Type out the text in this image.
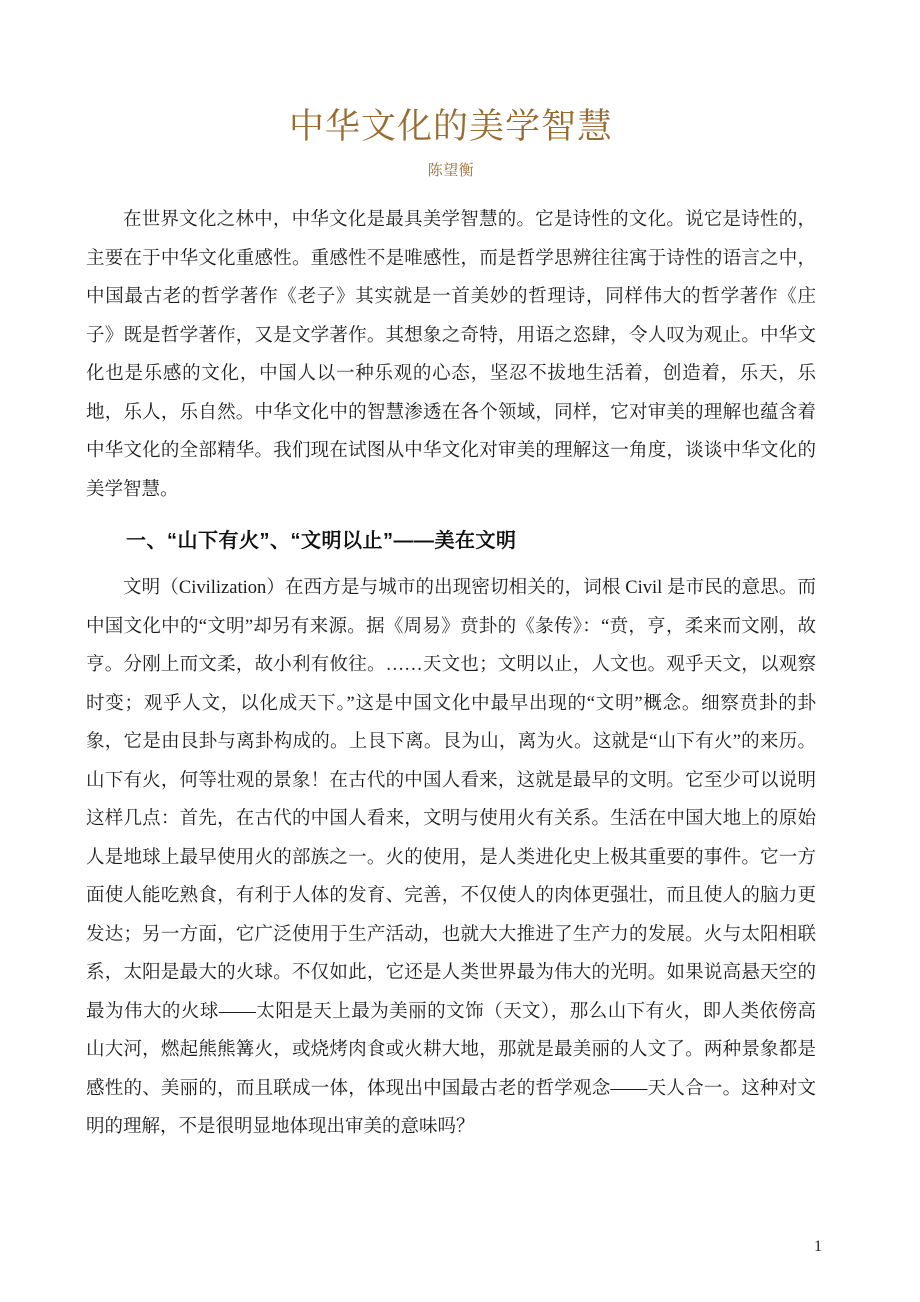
中华文化的美学智慧
陈望衡

在世界文化之林中，中华文化是最具美学智慧的。它是诗性的文化。说它是诗性的，主要在于中华文化重感性。重感性不是唯感性，而是哲学思辨往往寓于诗性的语言之中，中国最古老的哲学著作《老子》其实就是一首美妙的哲理诗，同样伟大的哲学著作《庄子》既是哲学著作，又是文学著作。其想象之奇特，用语之恣肆，令人叹为观止。中华文化也是乐感的文化，中国人以一种乐观的心态，坚忍不拔地生活着，创造着，乐天，乐地，乐人，乐自然。中华文化中的智慧渗透在各个领域，同样，它对审美的理解也蕴含着中华文化的全部精华。我们现在试图从中华文化对审美的理解这一角度，谈谈中华文化的美学智慧。

一、“山下有火”、“文明以止”——美在文明

文明（Civilization）在西方是与城市的出现密切相关的，词根 Civil 是市民的意思。而中国文化中的“文明”却另有来源。据《周易》贲卦的《彖传》：“贲，亨，柔来而文刚，故亨。分刚上而文柔，故小利有攸往。……天文也；文明以止，人文也。观乎天文，以观察时变；观乎人文，以化成天下。”这是中国文化中最早出现的“文明”概念。细察贲卦的卦象，它是由艮卦与离卦构成的。上艮下离。艮为山，离为火。这就是“山下有火”的来历。山下有火，何等壮观的景象！在古代的中国人看来，这就是最早的文明。它至少可以说明这样几点：首先，在古代的中国人看来，文明与使用火有关系。生活在中国大地上的原始人是地球上最早使用火的部族之一。火的使用，是人类进化史上极其重要的事件。它一方面使人能吃熟食，有利于人体的发育、完善，不仅使人的肉体更强壮，而且使人的脑力更发达；另一方面，它广泛使用于生产活动，也就大大推进了生产力的发展。火与太阳相联系，太阳是最大的火球。不仅如此，它还是人类世界最为伟大的光明。如果说高悬天空的最为伟大的火球——太阳是天上最为美丽的文饰（天文），那么山下有火，即人类依傍高山大河，燃起熊熊篝火，或烧烤肉食或火耕大地，那就是最美丽的人文了。两种景象都是感性的、美丽的，而且联成一体，体现出中国最古老的哲学观念——天人合一。这种对文明的理解，不是很明显地体现出审美的意味吗？

1
